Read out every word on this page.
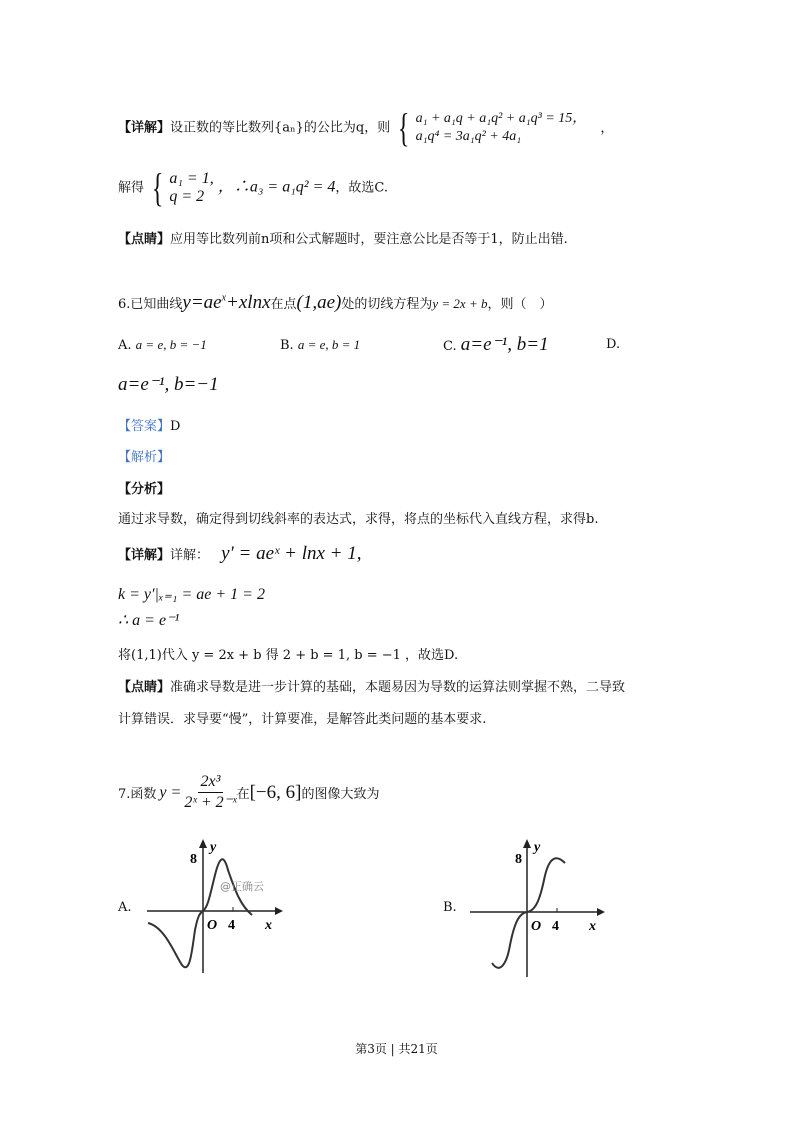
【详解】设正数的等比数列{aₙ}的公比为q，则 { a₁ + a₁q + a₁q² + a₁q³ = 15，
a₁q⁴ = 3a₁q² + 4a₁
，
解得 { a₁ = 1,
q = 2
，∴a₃ = a₁q² = 4，故选C.
【点睛】应用等比数列前n项和公式解题时，要注意公比是否等于1，防止出错.
6.已知曲线$y=ae^x+xlnx$在点(1,ae)处的切线方程为y = 2x + b，则（　）
A. a = e, b = −1	B. a = e, b = 1	C. a=e⁻¹, b=1	D.
a=e⁻¹, b=−1
【答案】D
【解析】
【分析】
通过求导数，确定得到切线斜率的表达式，求得，将点的坐标代入直线方程，求得b.
【详解】详解： y′ = aeˣ + lnx + 1,
k = y′|ₓ₌₁ = ae + 1 = 2
∴ a = e⁻¹
将(1,1)代入 y = 2x + b 得 2 + b = 1, b = −1 ，故选D.
【点睛】准确求导数是进一步计算的基础，本题易因为导数的运算法则掌握不熟，二导致
计算错误．求导要“慢”，计算要准，是解答此类问题的基本要求.
7.函数 $y = \frac{\text{2x³}}{\text{2ˣ + 2⁻ˣ}}$ 在 [−6, 6] 的图像大致为
A.
8
4
O	x
y
@正确云
B.
8
4
O	x
y
第3页 | 共21页
